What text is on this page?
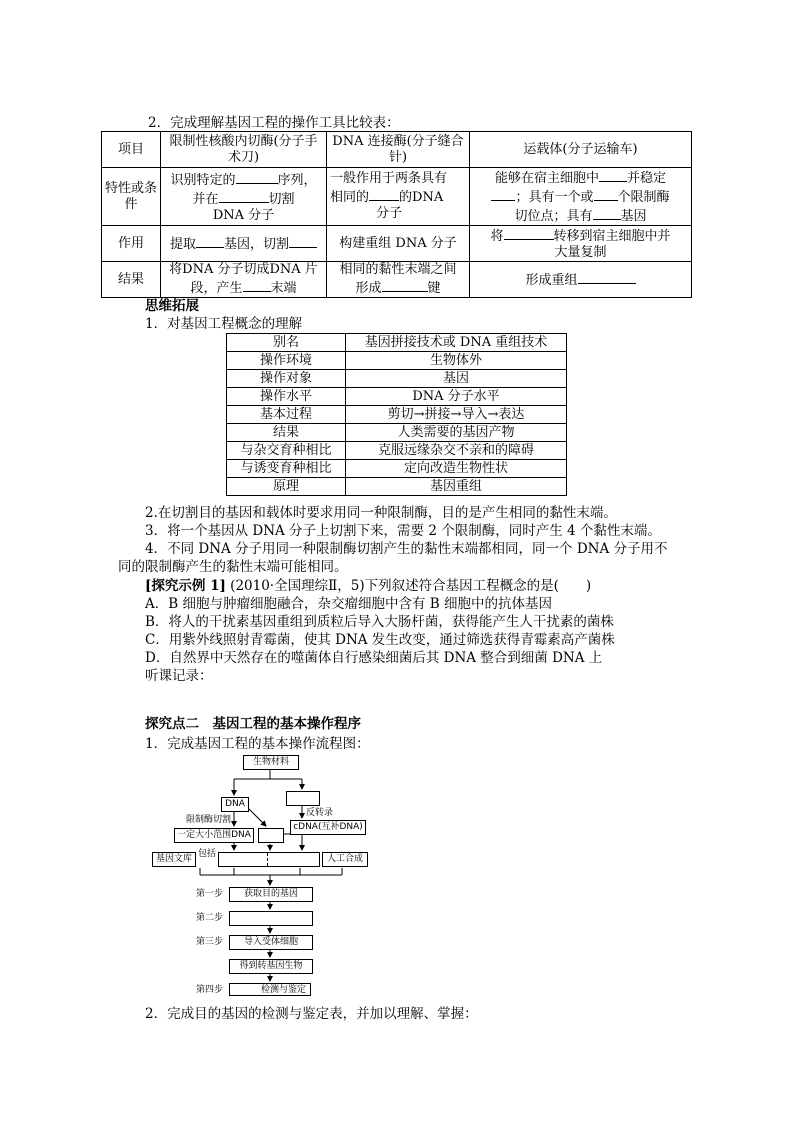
2．完成理解基因工程的操作工具比较表：
项目	限制性核酸内切酶(分子手术刀)	DNA 连接酶(分子缝合针)	运载体(分子运输车)
特性或条件	识别特定的 序列，
并在 切割
DNA 分子	一般作用于两条具有
相同的 的DNA
分子	能够在宿主细胞中 并稳定
；具有一个或 个限制酶
切位点；具有 基因
作用	提取 基因，切割	构建重组 DNA 分子	将 转移到宿主细胞中并
大量复制
结果	将DNA 分子切成DNA 片
段，产生 末端	相同的黏性末端之间
形成 键	形成重组
思维拓展
1．对基因工程概念的理解
别名	基因拼接技术或 DNA 重组技术
操作环境	生物体外
操作对象	基因
操作水平	DNA 分子水平
基本过程	剪切→拼接→导入→表达
结果	人类需要的基因产物
与杂交育种相比	克服远缘杂交不亲和的障碍
与诱变育种相比	定向改造生物性状
原理	基因重组
2.在切割目的基因和载体时要求用同一种限制酶，目的是产生相同的黏性末端。
3．将一个基因从 DNA 分子上切割下来，需要 2 个限制酶，同时产生 4 个黏性末端。
4．不同 DNA 分子用同一种限制酶切割产生的黏性末端都相同，同一个 DNA 分子用不
同的限制酶产生的黏性末端可能相同。
[探究示例 1] (2010·全国理综Ⅱ，5)下列叙述符合基因工程概念的是(　　)
A．B 细胞与肿瘤细胞融合，杂交瘤细胞中含有 B 细胞中的抗体基因
B．将人的干扰素基因重组到质粒后导入大肠杆菌，获得能产生人干扰素的菌株
C．用紫外线照射青霉菌，使其 DNA 发生改变，通过筛选获得青霉素高产菌株
D．自然界中天然存在的噬菌体自行感染细菌后其 DNA 整合到细菌 DNA 上
听课记录：
探究点二　基因工程的基本操作程序
1．完成基因工程的基本操作流程图：
生物材料
DNA
限制酶切割
反转录
一定大小范围DNA
cDNA(互补DNA)
基因文库 包括	人工合成
第一步	获取目的基因
第二步
第三步	导入受体细胞
得到转基因生物
第四步	检测与鉴定
2．完成目的基因的检测与鉴定表，并加以理解、掌握：
